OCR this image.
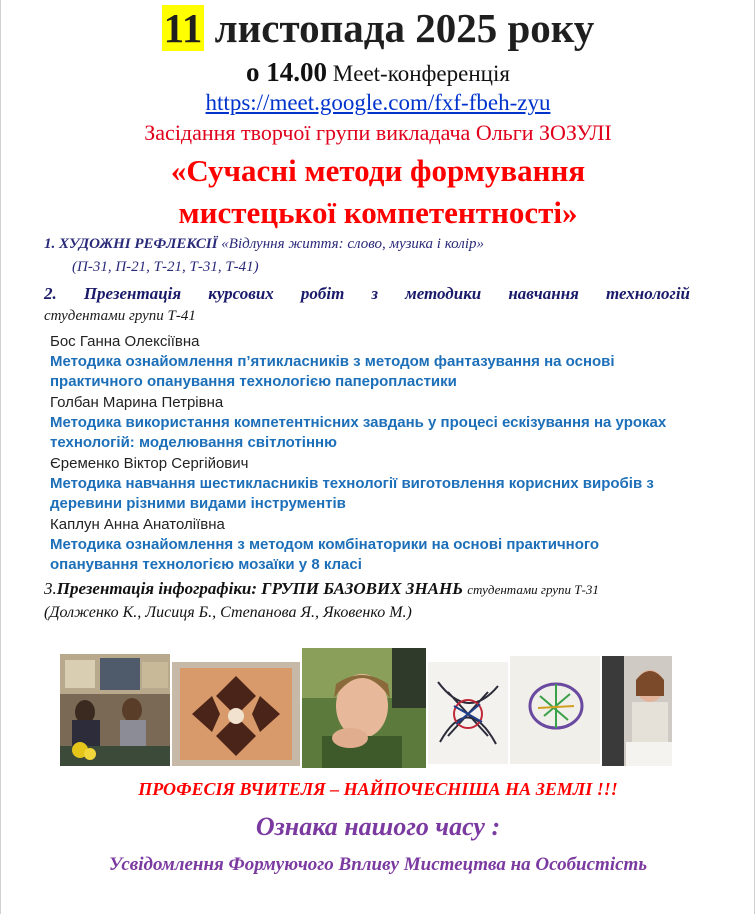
11 листопада 2025 року
о 14.00 Meet-конференція
https://meet.google.com/fxf-fbeh-zyu
Засідання творчої групи викладача Ольги ЗОЗУЛІ
«Сучасні методи формування
мистецької компетентності»
1. ХУДОЖНІ РЕФЛЕКСІЇ «Відлуння життя: слово, музика і колір»
(П-31, П-21, Т-21, Т-31, Т-41)
2. Презентація курсових робіт з методики навчання технологій
студентами групи Т-41
Бос Ганна Олексіївна
Методика ознайомлення п’ятикласників з методом фантазування на основі практичного опанування технологією паперопластики
Голбан Марина Петрівна
Методика використання компетентнісних завдань у процесі ескізування на уроках технологій: моделювання світлотінню
Єременко Віктор Сергійович
Методика навчання шестикласників технології виготовлення корисних виробів з деревини різними видами інструментів
Каплун Анна Анатоліївна
Методика ознайомлення з методом комбінаторики на основі практичного опанування технологією мозаїки у 8 класі
3.Презентація інфографіки: ГРУПИ БАЗОВИХ ЗНАНЬ студентами групи Т-31
(Долженко К., Лисиця Б., Степанова Я., Яковенко М.)
ПРОФЕСІЯ ВЧИТЕЛЯ – НАЙПОЧЕСНІША НА ЗЕМЛІ !!!
Ознака нашого часу :
Усвідомлення Формуючого Впливу Мистецтва на Особистість
